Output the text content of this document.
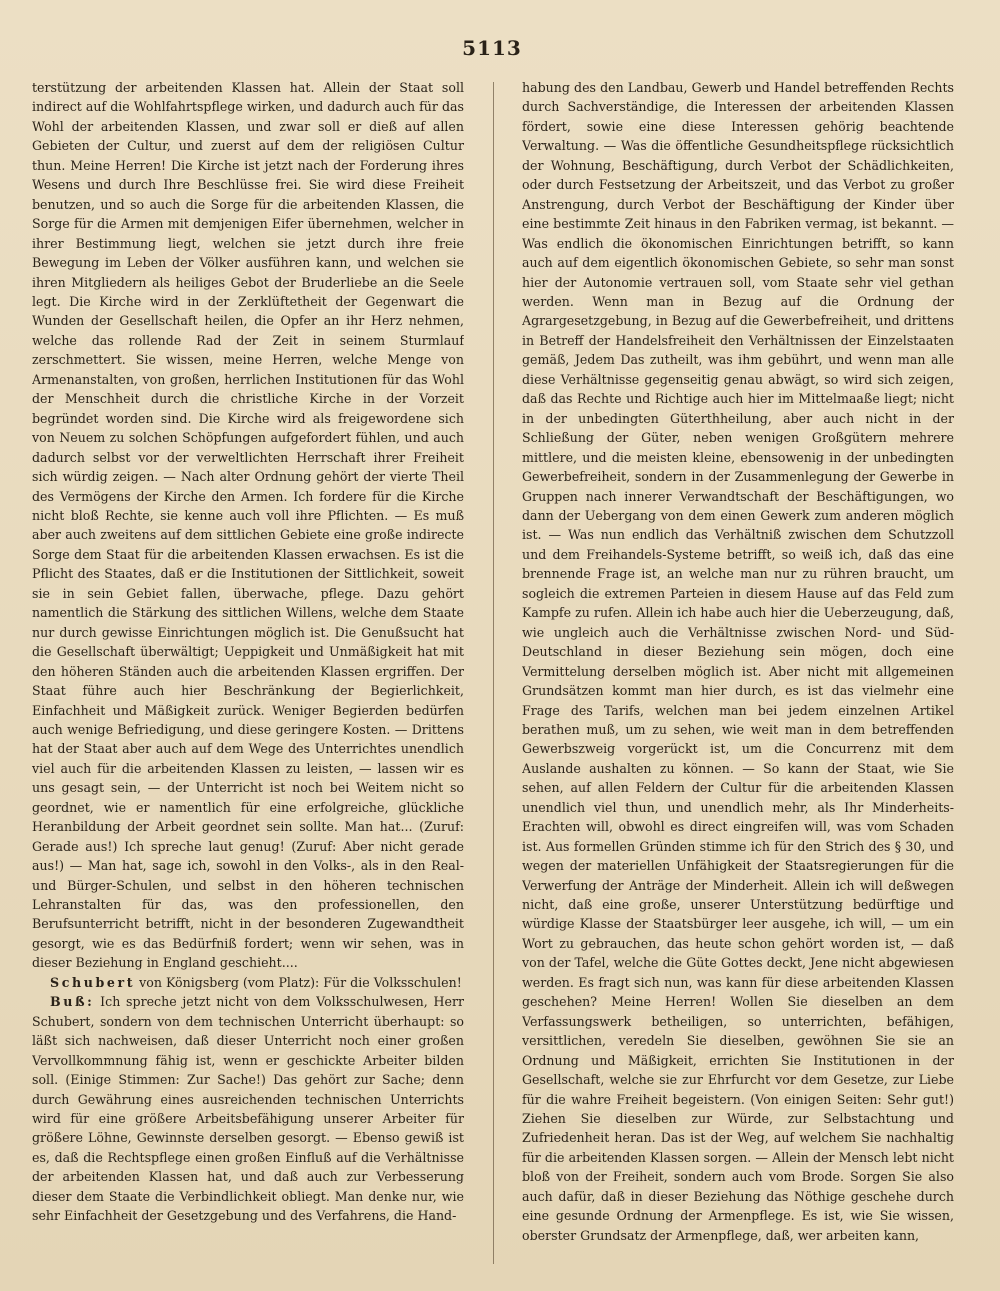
5113

terstützung der arbeitenden Klassen hat. Allein der Staat soll indirect auf die Wohlfahrtspflege wirken, und dadurch auch für das Wohl der arbeitenden Klassen, und zwar soll er dieß auf allen Gebieten der Cultur, und zuerst auf dem der religiösen Cultur thun. Meine Herren! Die Kirche ist jetzt nach der Forderung ihres Wesens und durch Ihre Beschlüsse frei. Sie wird diese Freiheit benutzen, und so auch die Sorge für die arbeitenden Klassen, die Sorge für die Armen mit demjenigen Eifer übernehmen, welcher in ihrer Bestimmung liegt, welchen sie jetzt durch ihre freie Bewegung im Leben der Völker ausführen kann, und welchen sie ihren Mitgliedern als heiliges Gebot der Bruderliebe an die Seele legt. Die Kirche wird in der Zerklüftetheit der Gegenwart die Wunden der Gesellschaft heilen, die Opfer an ihr Herz nehmen, welche das rollende Rad der Zeit in seinem Sturmlauf zerschmettert. Sie wissen, meine Herren, welche Menge von Armenanstalten, von großen, herrlichen Institutionen für das Wohl der Menschheit durch die christliche Kirche in der Vorzeit begründet worden sind. Die Kirche wird als freigewordene sich von Neuem zu solchen Schöpfungen aufgefordert fühlen, und auch dadurch selbst vor der verweltlichten Herrschaft ihrer Freiheit sich würdig zeigen. — Nach alter Ordnung gehört der vierte Theil des Vermögens der Kirche den Armen. Ich fordere für die Kirche nicht bloß Rechte, sie kenne auch voll ihre Pflichten. — Es muß aber auch zweitens auf dem sittlichen Gebiete eine große indirecte Sorge dem Staat für die arbeitenden Klassen erwachsen. Es ist die Pflicht des Staates, daß er die Institutionen der Sittlichkeit, soweit sie in sein Gebiet fallen, überwache, pflege. Dazu gehört namentlich die Stärkung des sittlichen Willens, welche dem Staate nur durch gewisse Einrichtungen möglich ist. Die Genußsucht hat die Gesellschaft überwältigt; Ueppigkeit und Unmäßigkeit hat mit den höheren Ständen auch die arbeitenden Klassen ergriffen. Der Staat führe auch hier Beschränkung der Begierlichkeit, Einfachheit und Mäßigkeit zurück. Weniger Begierden bedürfen auch wenige Befriedigung, und diese geringere Kosten. — Drittens hat der Staat aber auch auf dem Wege des Unterrichtes unendlich viel auch für die arbeitenden Klassen zu leisten, — lassen wir es uns gesagt sein, — der Unterricht ist noch bei Weitem nicht so geordnet, wie er namentlich für eine erfolgreiche, glückliche Heranbildung der Arbeit geordnet sein sollte. Man hat... (Zuruf: Gerade aus!) Ich spreche laut genug! (Zuruf: Aber nicht gerade aus!) — Man hat, sage ich, sowohl in den Volks-, als in den Real- und Bürger-Schulen, und selbst in den höheren technischen Lehranstalten für das, was den professionellen, den Berufsunterricht betrifft, nicht in der besonderen Zugewandtheit gesorgt, wie es das Bedürfniß fordert; wenn wir sehen, was in dieser Beziehung in England geschieht....

Schubert von Königsberg (vom Platz): Für die Volksschulen!

Buß: Ich spreche jetzt nicht von dem Volksschulwesen, Herr Schubert, sondern von dem technischen Unterricht überhaupt: so läßt sich nachweisen, daß dieser Unterricht noch einer großen Vervollkommnung fähig ist, wenn er geschickte Arbeiter bilden soll. (Einige Stimmen: Zur Sache!) Das gehört zur Sache; denn durch Gewährung eines ausreichenden technischen Unterrichts wird für eine größere Arbeitsbefähigung unserer Arbeiter für größere Löhne, Gewinnste derselben gesorgt. — Ebenso gewiß ist es, daß die Rechtspflege einen großen Einfluß auf die Verhältnisse der arbeitenden Klassen hat, und daß auch zur Verbesserung dieser dem Staate die Verbindlichkeit obliegt. Man denke nur, wie sehr Einfachheit der Gesetzgebung und des Verfahrens, die Hand-

habung des den Landbau, Gewerb und Handel betreffenden Rechts durch Sachverständige, die Interessen der arbeitenden Klassen fördert, sowie eine diese Interessen gehörig beachtende Verwaltung. — Was die öffentliche Gesundheitspflege rücksichtlich der Wohnung, Beschäftigung, durch Verbot der Schädlichkeiten, oder durch Festsetzung der Arbeitszeit, und das Verbot zu großer Anstrengung, durch Verbot der Beschäftigung der Kinder über eine bestimmte Zeit hinaus in den Fabriken vermag, ist bekannt. — Was endlich die ökonomischen Einrichtungen betrifft, so kann auch auf dem eigentlich ökonomischen Gebiete, so sehr man sonst hier der Autonomie vertrauen soll, vom Staate sehr viel gethan werden. Wenn man in Bezug auf die Ordnung der Agrargesetzgebung, in Bezug auf die Gewerbefreiheit, und drittens in Betreff der Handelsfreiheit den Verhältnissen der Einzelstaaten gemäß, Jedem Das zutheilt, was ihm gebührt, und wenn man alle diese Verhältnisse gegenseitig genau abwägt, so wird sich zeigen, daß das Rechte und Richtige auch hier im Mittelmaaße liegt; nicht in der unbedingten Güterthheilung, aber auch nicht in der Schließung der Güter, neben wenigen Großgütern mehrere mittlere, und die meisten kleine, ebensowenig in der unbedingten Gewerbefreiheit, sondern in der Zusammenlegung der Gewerbe in Gruppen nach innerer Verwandtschaft der Beschäftigungen, wo dann der Uebergang von dem einen Gewerk zum anderen möglich ist. — Was nun endlich das Verhältniß zwischen dem Schutzzoll und dem Freihandels-Systeme betrifft, so weiß ich, daß das eine brennende Frage ist, an welche man nur zu rühren braucht, um sogleich die extremen Parteien in diesem Hause auf das Feld zum Kampfe zu rufen. Allein ich habe auch hier die Ueberzeugung, daß, wie ungleich auch die Verhältnisse zwischen Nord- und Süd-Deutschland in dieser Beziehung sein mögen, doch eine Vermittelung derselben möglich ist. Aber nicht mit allgemeinen Grundsätzen kommt man hier durch, es ist das vielmehr eine Frage des Tarifs, welchen man bei jedem einzelnen Artikel berathen muß, um zu sehen, wie weit man in dem betreffenden Gewerbszweig vorgerückt ist, um die Concurrenz mit dem Auslande aushalten zu können. — So kann der Staat, wie Sie sehen, auf allen Feldern der Cultur für die arbeitenden Klassen unendlich viel thun, und unendlich mehr, als Ihr Minderheits-Erachten will, obwohl es direct eingreifen will, was vom Schaden ist. Aus formellen Gründen stimme ich für den Strich des § 30, und wegen der materiellen Unfähigkeit der Staatsregierungen für die Verwerfung der Anträge der Minderheit. Allein ich will deßwegen nicht, daß eine große, unserer Unterstützung bedürftige und würdige Klasse der Staatsbürger leer ausgehe, ich will, — um ein Wort zu gebrauchen, das heute schon gehört worden ist, — daß von der Tafel, welche die Güte Gottes deckt, Jene nicht abgewiesen werden. Es fragt sich nun, was kann für diese arbeitenden Klassen geschehen? Meine Herren! Wollen Sie dieselben an dem Verfassungswerk betheiligen, so unterrichten, befähigen, versittlichen, veredeln Sie dieselben, gewöhnen Sie sie an Ordnung und Mäßigkeit, errichten Sie Institutionen in der Gesellschaft, welche sie zur Ehrfurcht vor dem Gesetze, zur Liebe für die wahre Freiheit begeistern. (Von einigen Seiten: Sehr gut!) Ziehen Sie dieselben zur Würde, zur Selbstachtung und Zufriedenheit heran. Das ist der Weg, auf welchem Sie nachhaltig für die arbeitenden Klassen sorgen. — Allein der Mensch lebt nicht bloß von der Freiheit, sondern auch vom Brode. Sorgen Sie also auch dafür, daß in dieser Beziehung das Nöthige geschehe durch eine gesunde Ordnung der Armenpflege. Es ist, wie Sie wissen, oberster Grundsatz der Armenpflege, daß, wer arbeiten kann,
